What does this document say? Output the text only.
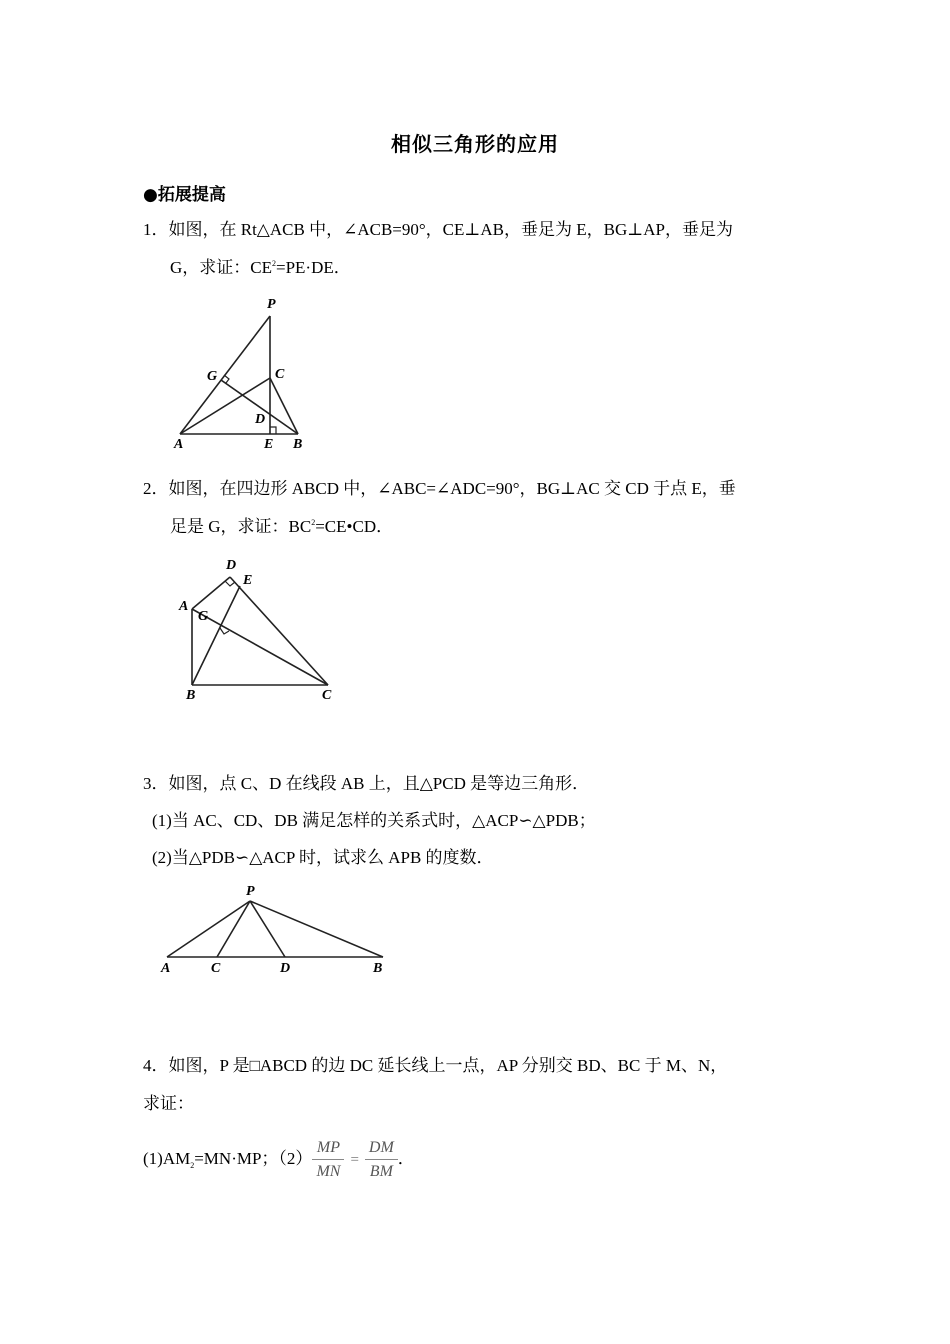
相似三角形的应用
●拓展提高
1．如图，在 Rt△ACB 中，∠ACB=90°，CE⊥AB，垂足为 E，BG⊥AP，垂足为
G，求证：$CE^2=PE\cdot DE$．
P
G	C
D
A	E B
2．如图，在四边形 ABCD 中，∠ABC=∠ADC=90°，BG⊥AC 交 CD 于点 E，垂
足是 G，求证：$BC^2=CE•CD$．
D
E
A
G
B	C
3．如图，点 C、D 在线段 AB 上，且△PCD 是等边三角形．
(1)当 AC、CD、DB 满足怎样的关系式时，△ACP∽△PDB；
(2)当△PDB∽△ACP 时，试求么 APB 的度数．
P
A	C	D	B
4．如图，P 是□ABCD 的边 DC 延长线上一点，AP 分别交 BD、BC 于 M、N，
求证：
$(1)AM_2=MN\cdot MP$；$(2) \frac{MP}{MN} = \frac{DM}{BM}$ ．
